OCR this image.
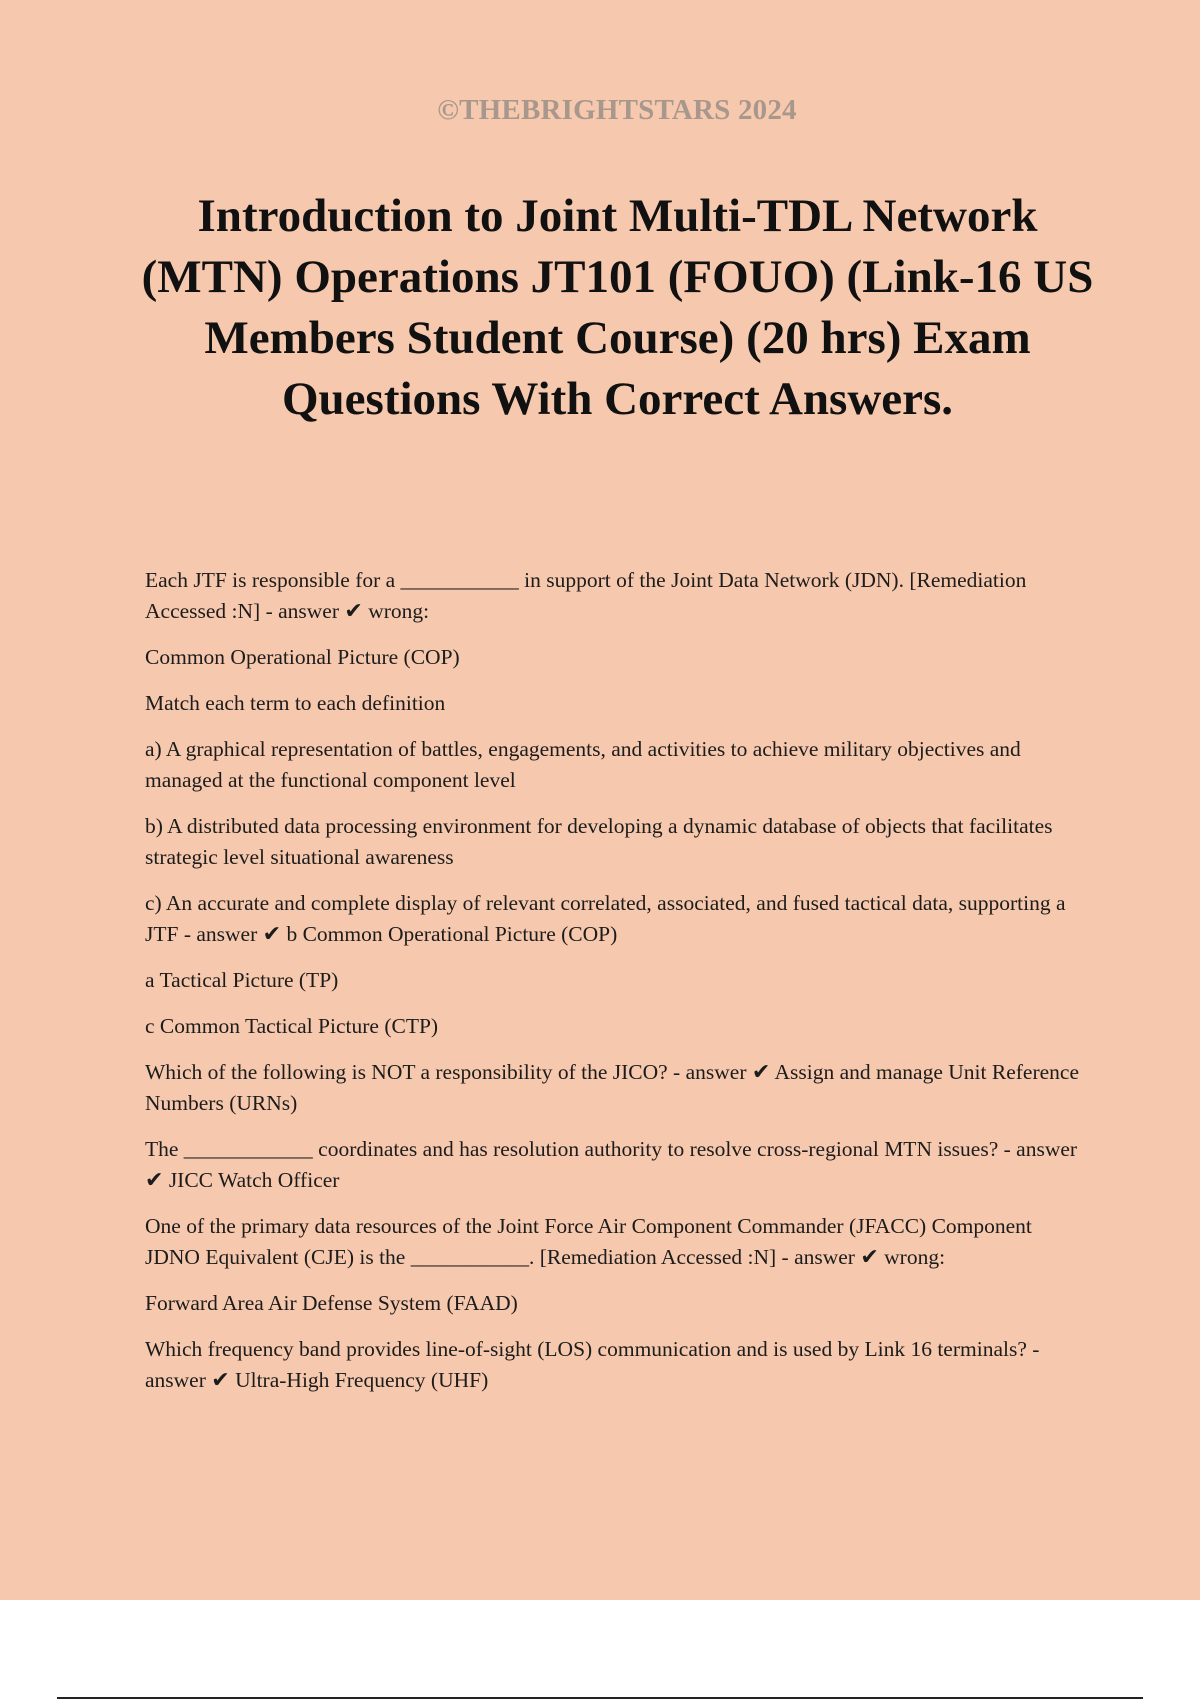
©THEBRIGHTSTARS 2024
Introduction to Joint Multi-TDL Network (MTN) Operations JT101 (FOUO) (Link-16 US Members Student Course) (20 hrs) Exam Questions With Correct Answers.

Each JTF is responsible for a ___________ in support of the Joint Data Network (JDN). [Remediation Accessed :N] - answer ✔ wrong:

Common Operational Picture (COP)

Match each term to each definition

a) A graphical representation of battles, engagements, and activities to achieve military objectives and managed at the functional component level

b) A distributed data processing environment for developing a dynamic database of objects that facilitates strategic level situational awareness

c) An accurate and complete display of relevant correlated, associated, and fused tactical data, supporting a JTF - answer ✔ b Common Operational Picture (COP)

a Tactical Picture (TP)

c Common Tactical Picture (CTP)

Which of the following is NOT a responsibility of the JICO? - answer ✔ Assign and manage Unit Reference Numbers (URNs)

The ____________ coordinates and has resolution authority to resolve cross-regional MTN issues? - answer ✔ JICC Watch Officer

One of the primary data resources of the Joint Force Air Component Commander (JFACC) Component JDNO Equivalent (CJE) is the ___________. [Remediation Accessed :N] - answer ✔ wrong:

Forward Area Air Defense System (FAAD)

Which frequency band provides line-of-sight (LOS) communication and is used by Link 16 terminals? - answer ✔ Ultra-High Frequency (UHF)
